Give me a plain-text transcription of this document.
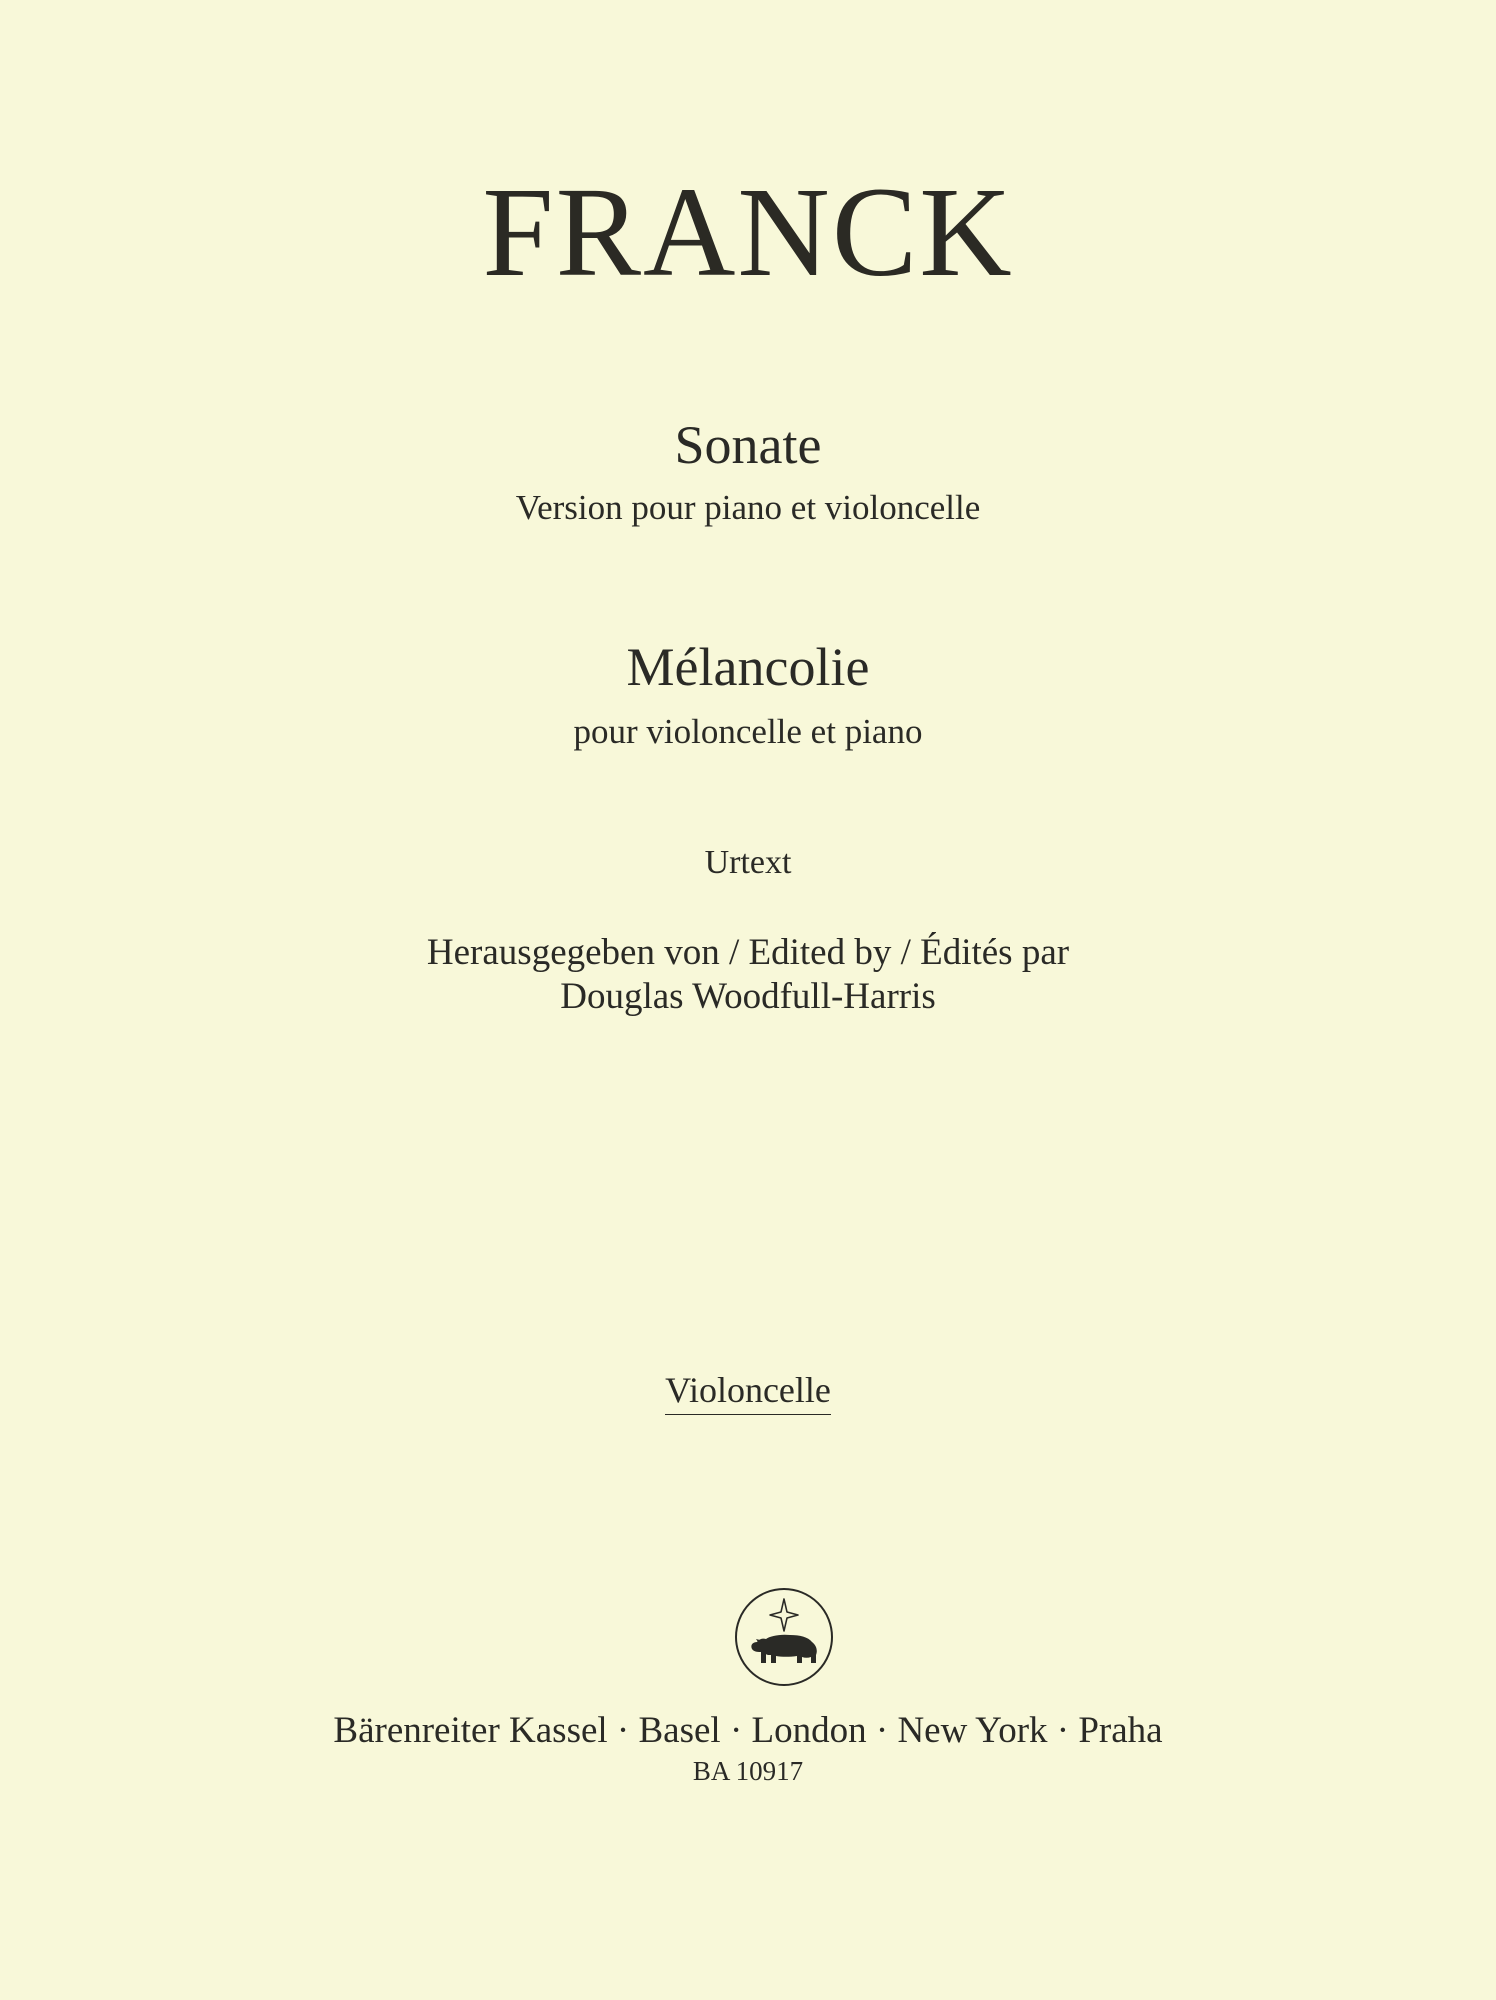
FRANCK
Sonate
Version pour piano et violoncelle
Mélancolie
pour violoncelle et piano
Urtext
Herausgegeben von / Edited by / Édités par
Douglas Woodfull-Harris
Violoncelle
Bärenreiter Kassel · Basel · London · New York · Praha
BA 10917
